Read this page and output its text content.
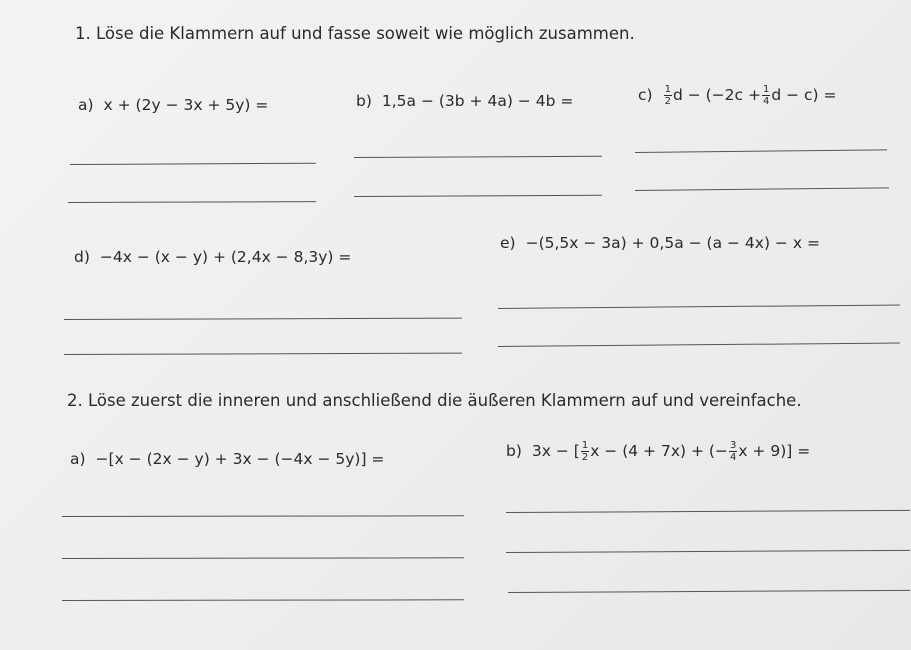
1. Löse die Klammern auf und fasse soweit wie möglich zusammen.
a) x + (2y − 3x + 5y) =	b) 1,5a − (3b + 4a) − 4b =	$c) \frac{1}{2}$ $d - (-2c + \frac{1}{4}$ d − c) =
d) −4x − (x − y) + (2,4x − 8,3y) =
e) −(5,5x − 3a) + 0,5a − (a − 4x) − x =
2. Löse zuerst die inneren und anschließend die äußeren Klammern auf und vereinfache.
a) −[x − (2x − y) + 3x − (−4x − 5y)] =	b) 3x − [ $\frac{1}{2}$ x − (4 + 7x) + (− $\frac{3}{4}$ x + 9)] =
